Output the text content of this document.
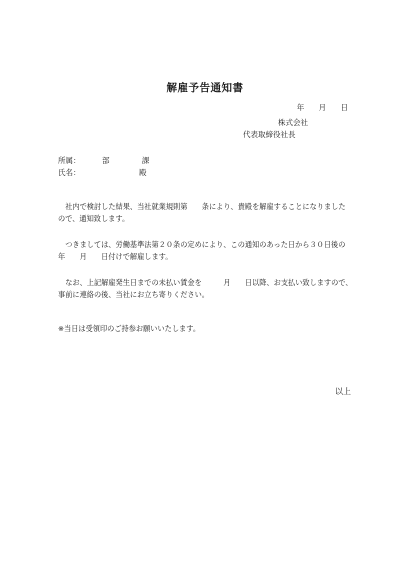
解雇予告通知書
年 月 日
株式会社
代表取締役社長
所属：	部 課
氏名：	殿
　社内で検討した結果、当社就業規則第　　条により、貴殿を解雇することになりました
ので、通知致します。
　つきましては、労働基準法第２０条の定めにより、この通知のあった日から３０日後の
年　　月　　日付けで解雇します。
　なお、上記解雇発生日までの未払い賃金を　　　月　　日以降、お支払い致しますので、
事前に連絡の後、当社にお立ち寄りください。
※当日は受領印のご持参お願いいたします。
以上
